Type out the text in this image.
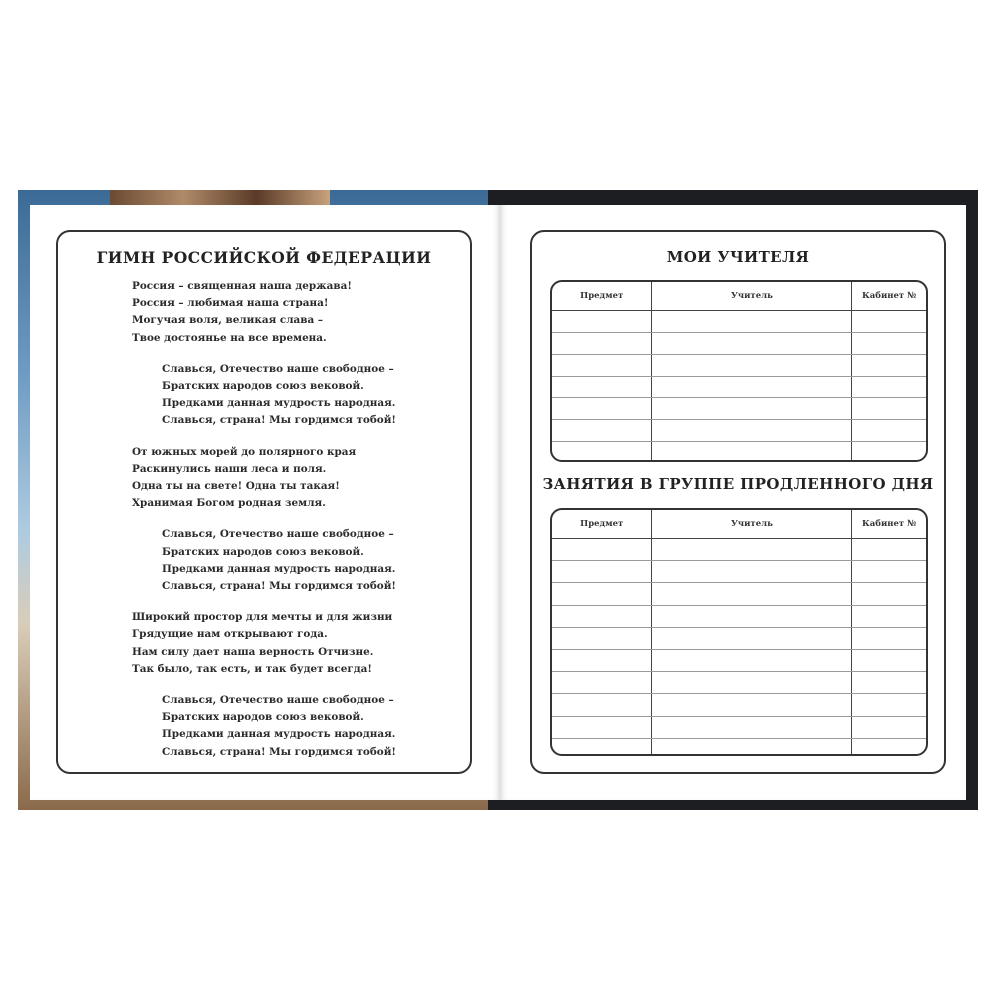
ГИМН РОССИЙСКОЙ ФЕДЕРАЦИИ
Россия – священная наша держава!
Россия – любимая наша страна!
Могучая воля, великая слава –
Твое достоянье на все времена.
Славься, Отечество наше свободное –
Братских народов союз вековой.
Предками данная мудрость народная.
Славься, страна! Мы гордимся тобой!
От южных морей до полярного края
Раскинулись наши леса и поля.
Одна ты на свете! Одна ты такая!
Хранимая Богом родная земля.
Славься, Отечество наше свободное –
Братских народов союз вековой.
Предками данная мудрость народная.
Славься, страна! Мы гордимся тобой!
Широкий простор для мечты и для жизни
Грядущие нам открывают года.
Нам силу дает наша верность Отчизне.
Так было, так есть, и так будет всегда!
Славься, Отечество наше свободное –
Братских народов союз вековой.
Предками данная мудрость народная.
Славься, страна! Мы гордимся тобой!
МОИ УЧИТЕЛЯ
Предмет	Учитель	Кабинет №
ЗАНЯТИЯ В ГРУППЕ ПРОДЛЕННОГО ДНЯ
Предмет	Учитель	Кабинет №
